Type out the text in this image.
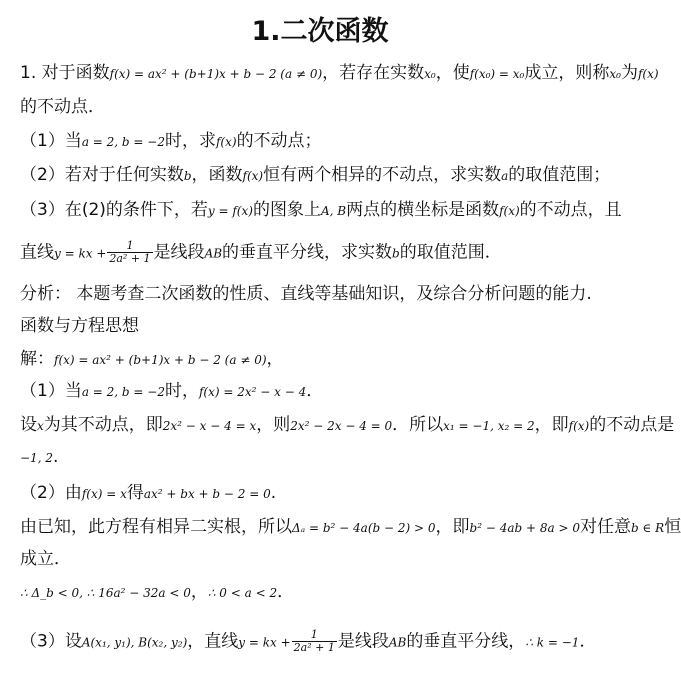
1.二次函数
1. 对于函数f(x) = ax² + (b+1)x + b − 2 (a ≠ 0)，若存在实数x₀，使f(x₀) = x₀成立，则称x₀为f(x)
的不动点．
（1）当a = 2, b = −2时，求f(x)的不动点；
（2）若对于任何实数b，函数f(x)恒有两个相异的不动点，求实数a的取值范围；
（3）在(2)的条件下，若y = f(x)的图象上A, B两点的横坐标是函数f(x)的不动点，且
直线y = kx + $\frac{1}{\text{2a² + 1}}$ 是线段AB的垂直平分线，求实数b的取值范围．
分析： 本题考查二次函数的性质、直线等基础知识，及综合分析问题的能力.
函数与方程思想
解：f(x) = ax² + (b+1)x + b − 2 (a ≠ 0)，
（1）当a = 2, b = −2时，f(x) = 2x² − x − 4．
设x为其不动点，即2x² − x − 4 = x，则2x² − 2x − 4 = 0．所以x₁ = −1, x₂ = 2，即f(x)的不动点是
−1, 2.
（2）由f(x) = x得ax² + bx + b − 2 = 0.
由已知，此方程有相异二实根，所以Δₐ = b² − 4a(b − 2) > 0，即b² − 4ab + 8a > 0对任意b ∈ R恒
成立．
∴ Δ_b < 0, ∴ 16a² − 32a < 0，∴ 0 < a < 2．
（3）设A(x₁, y₁), B(x₂, y₂)，直线y = kx + $\frac{1}{\text{2a² + 1}}$ 是线段AB的垂直平分线，∴ k = −1．
